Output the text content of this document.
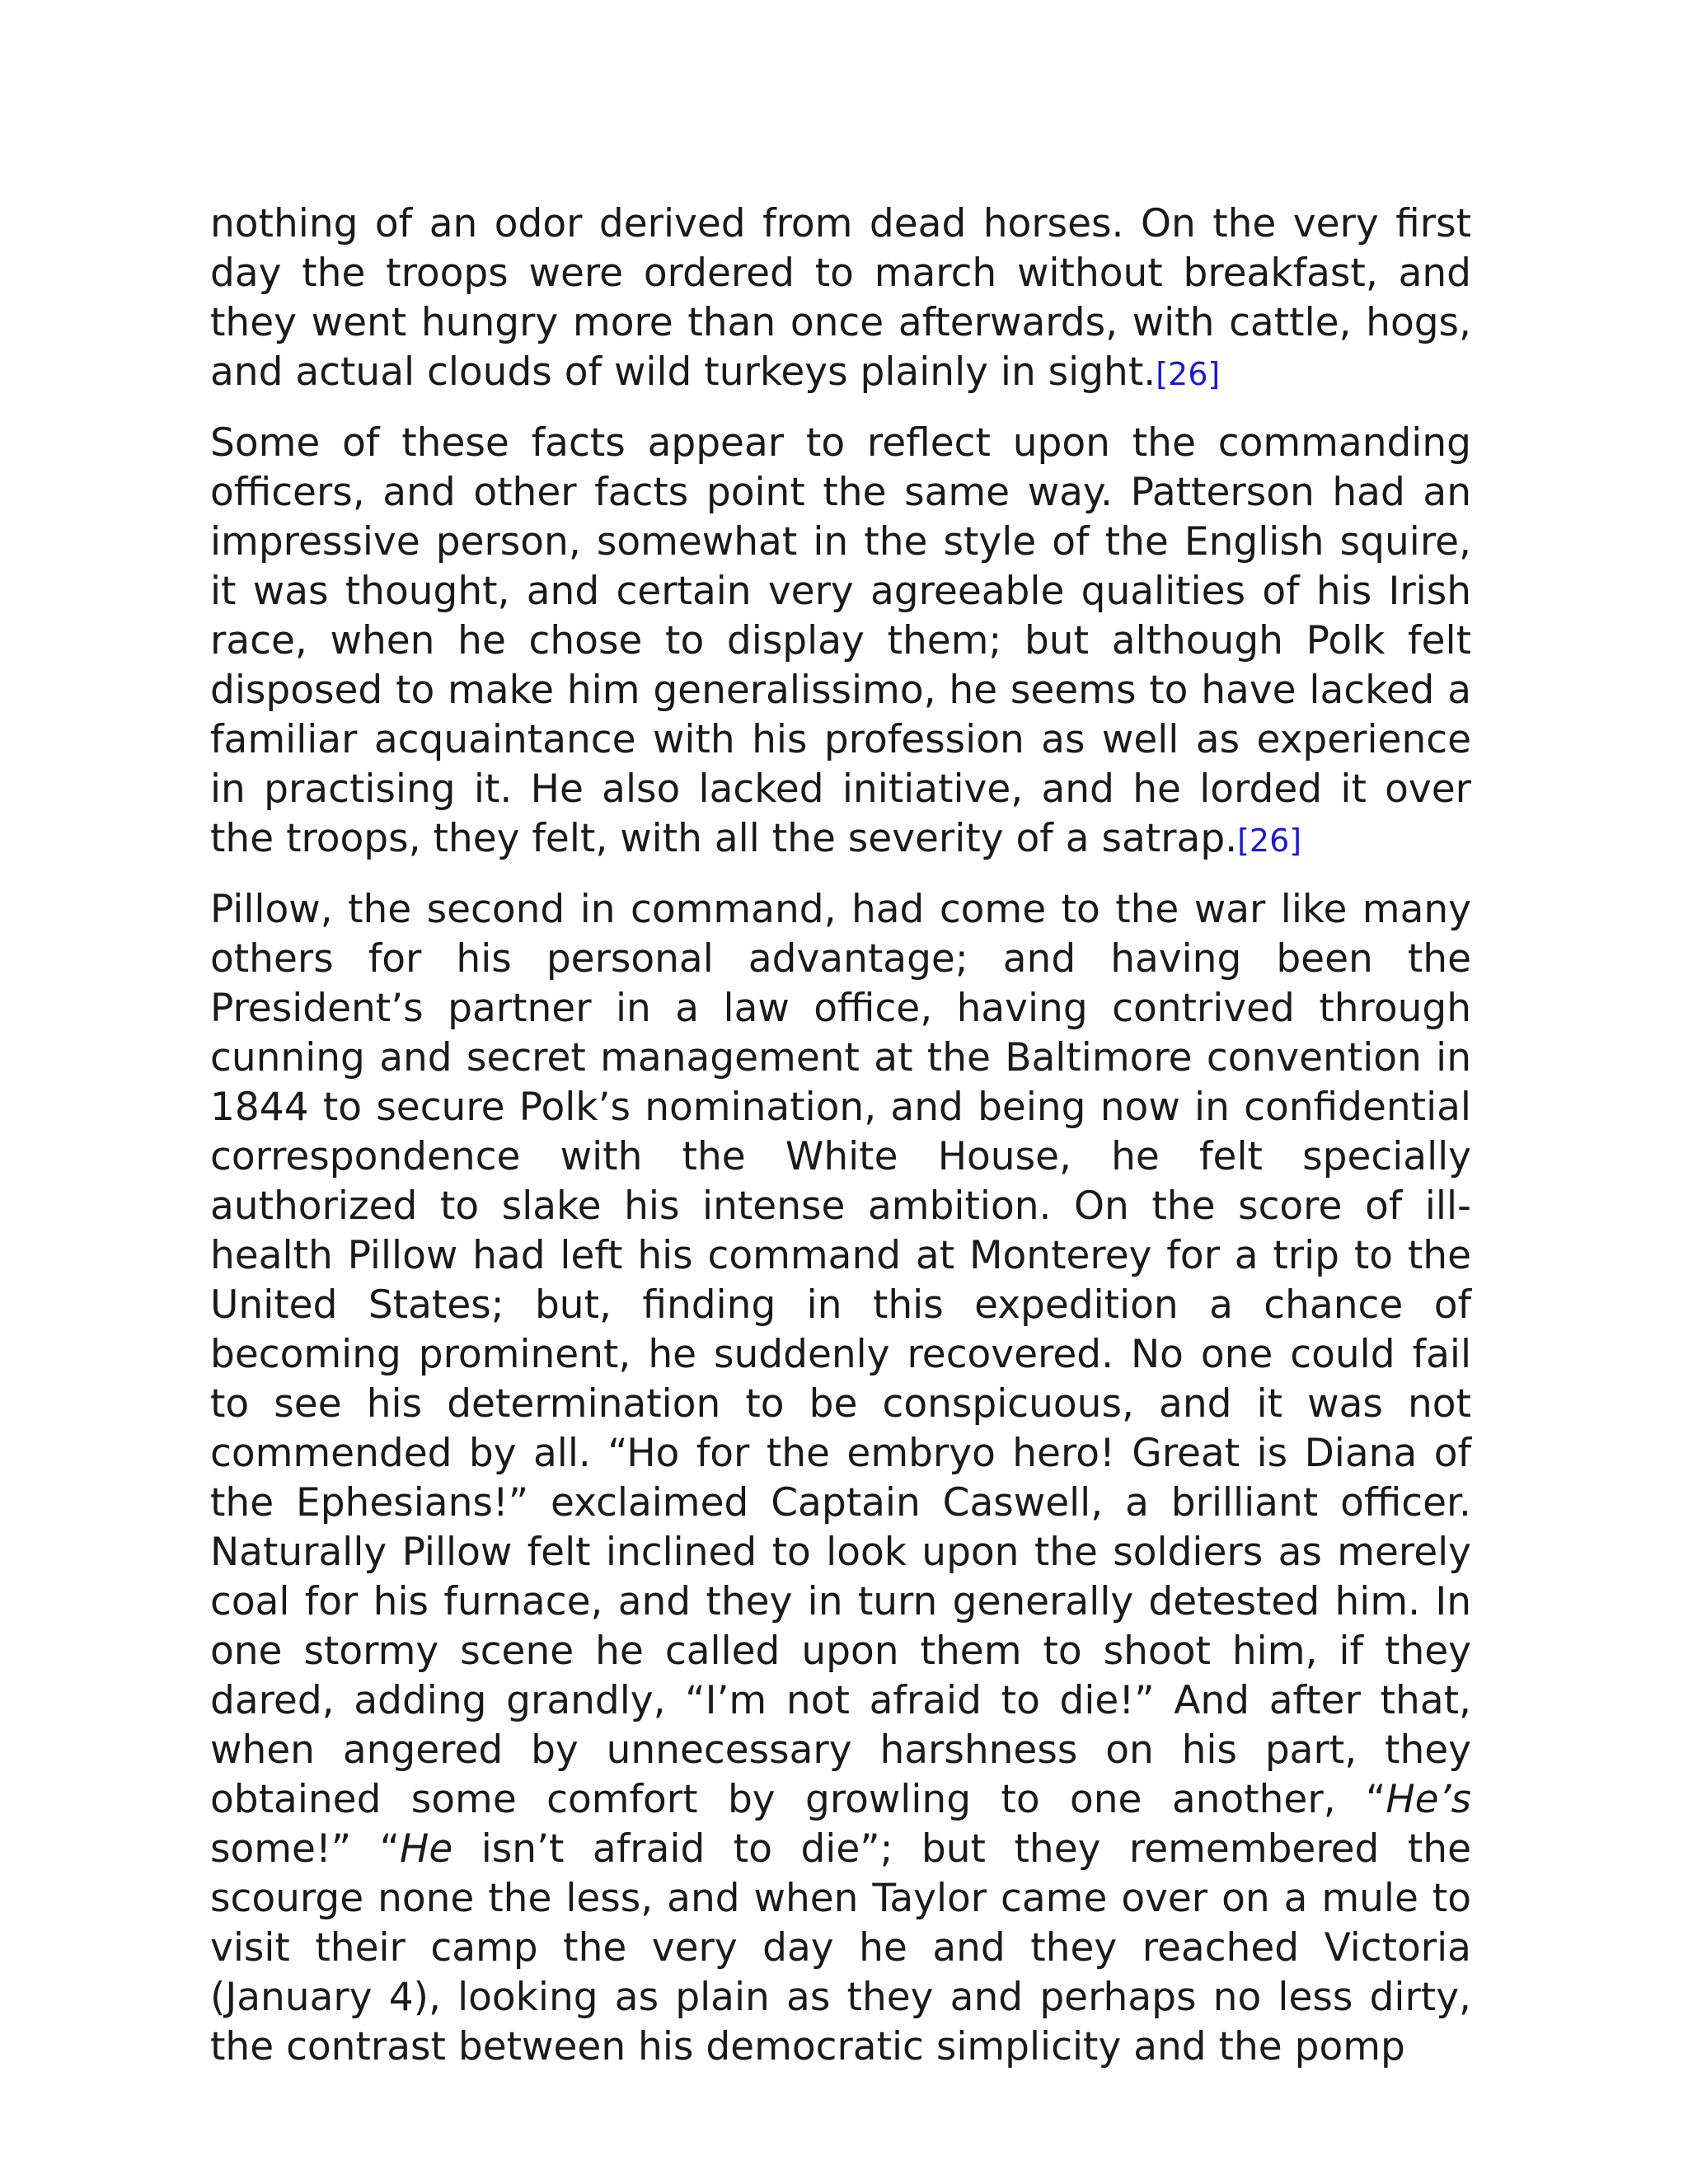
nothing of an odor derived from dead horses. On the very first day the troops were ordered to march without breakfast, and they went hungry more than once afterwards, with cattle, hogs, and actual clouds of wild turkeys plainly in sight.[26]

Some of these facts appear to reflect upon the commanding officers, and other facts point the same way. Patterson had an impressive person, somewhat in the style of the English squire, it was thought, and certain very agreeable qualities of his Irish race, when he chose to display them; but although Polk felt disposed to make him generalissimo, he seems to have lacked a familiar acquaintance with his profession as well as experience in practising it. He also lacked initiative, and he lorded it over the troops, they felt, with all the severity of a satrap.[26]

Pillow, the second in command, had come to the war like many others for his personal advantage; and having been the President’s partner in a law office, having contrived through cunning and secret management at the Baltimore convention in 1844 to secure Polk’s nomination, and being now in confidential correspondence with the White House, he felt specially authorized to slake his intense ambition. On the score of ill-health Pillow had left his command at Monterey for a trip to the United States; but, finding in this expedition a chance of becoming prominent, he suddenly recovered. No one could fail to see his determination to be conspicuous, and it was not commended by all. “Ho for the embryo hero! Great is Diana of the Ephesians!” exclaimed Captain Caswell, a brilliant officer. Naturally Pillow felt inclined to look upon the soldiers as merely coal for his furnace, and they in turn generally detested him. In one stormy scene he called upon them to shoot him, if they dared, adding grandly, “I’m not afraid to die!” And after that, when angered by unnecessary harshness on his part, they obtained some comfort by growling to one another, “He’s some!” “He isn’t afraid to die”; but they remembered the scourge none the less, and when Taylor came over on a mule to visit their camp the very day he and they reached Victoria (January 4), looking as plain as they and perhaps no less dirty, the contrast between his democratic simplicity and the pomp
